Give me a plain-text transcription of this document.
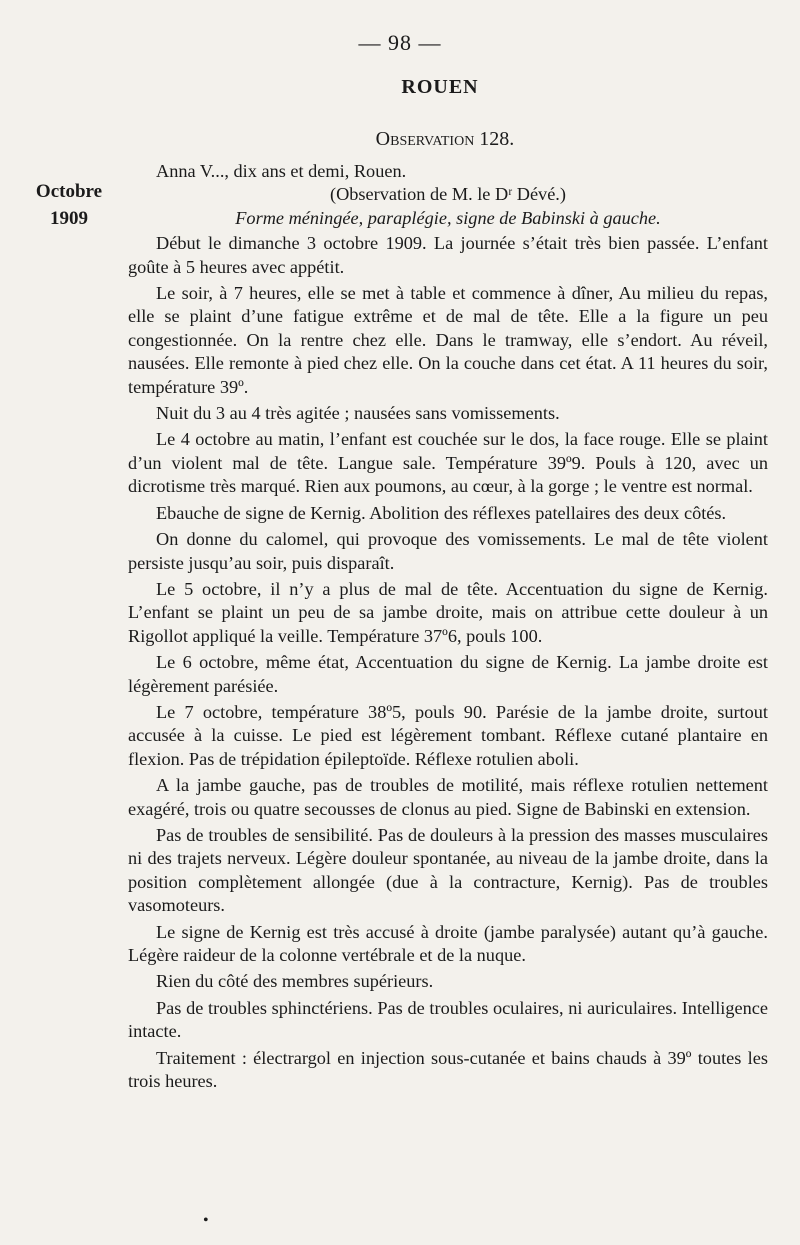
— 98 —
ROUEN
Observation 128.
Octobre
1909

Anna V..., dix ans et demi, Rouen.

(Observation de M. le Dʳ Dévé.)

Forme méningée, paraplégie, signe de Babinski à gauche.

Début le dimanche 3 octobre 1909. La journée s’était très bien passée. L’enfant goûte à 5 heures avec appétit.

Le soir, à 7 heures, elle se met à table et commence à dîner, Au milieu du repas, elle se plaint d’une fatigue extrême et de mal de tête. Elle a la figure un peu congestionnée. On la rentre chez elle. Dans le tramway, elle s’endort. Au réveil, nausées. Elle remonte à pied chez elle. On la couche dans cet état. A 11 heures du soir, température 39º.

Nuit du 3 au 4 très agitée ; nausées sans vomissements.

Le 4 octobre au matin, l’enfant est couchée sur le dos, la face rouge. Elle se plaint d’un violent mal de tête. Langue sale. Température 39º9. Pouls à 120, avec un dicrotisme très marqué. Rien aux poumons, au cœur, à la gorge ; le ventre est normal.

Ebauche de signe de Kernig. Abolition des réflexes patellaires des deux côtés.

On donne du calomel, qui provoque des vomissements. Le mal de tête violent persiste jusqu’au soir, puis disparaît.

Le 5 octobre, il n’y a plus de mal de tête. Accentuation du signe de Kernig. L’enfant se plaint un peu de sa jambe droite, mais on attribue cette douleur à un Rigollot appliqué la veille. Température 37º6, pouls 100.

Le 6 octobre, même état, Accentuation du signe de Kernig. La jambe droite est légèrement parésiée.

Le 7 octobre, température 38º5, pouls 90. Parésie de la jambe droite, surtout accusée à la cuisse. Le pied est légèrement tombant. Réflexe cutané plantaire en flexion. Pas de trépidation épileptoïde. Réflexe rotulien aboli.

A la jambe gauche, pas de troubles de motilité, mais réflexe rotulien nettement exagéré, trois ou quatre secousses de clonus au pied. Signe de Babinski en extension.

Pas de troubles de sensibilité. Pas de douleurs à la pression des masses musculaires ni des trajets nerveux. Légère douleur spontanée, au niveau de la jambe droite, dans la position complètement allongée (due à la contracture, Kernig). Pas de troubles vasomoteurs.

Le signe de Kernig est très accusé à droite (jambe paralysée) autant qu’à gauche. Légère raideur de la colonne vertébrale et de la nuque.

Rien du côté des membres supérieurs.

Pas de troubles sphinctériens. Pas de troubles oculaires, ni auriculaires. Intelligence intacte.

Traitement : électrargol en injection sous-cutanée et bains chauds à 39º toutes les trois heures.

•
